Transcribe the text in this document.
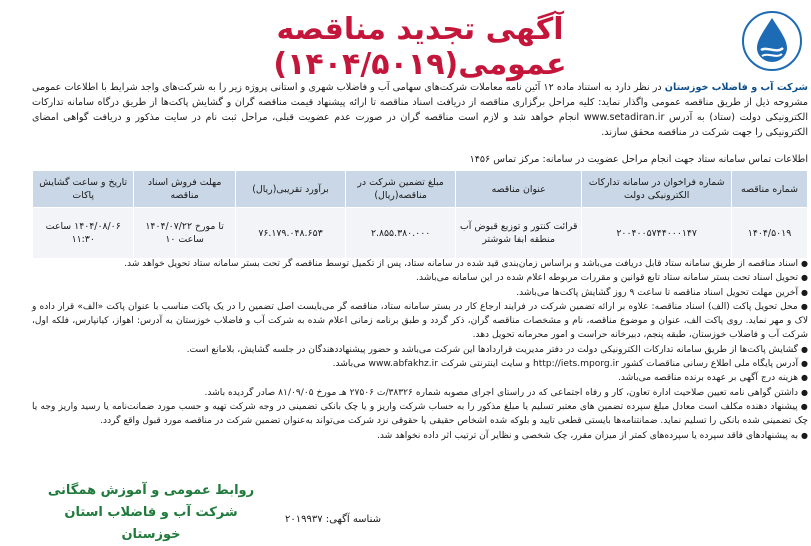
آگهی تجدید مناقصه عمومی(۱۴۰۴/۵۰۱۹)
شرکت آب و فاضلاب خوزستان در نظر دارد به استناد ماده ۱۲ آئین نامه معاملات شرکت‌های سهامی آب و فاضلاب شهری و استانی پروژه زیر را به شرکت‌های واجد شرایط با اطلاعات عمومی مشروحه ذیل از طریق مناقصه عمومی واگذار نماید: کلیه مراحل برگزاری مناقصه از دریافت اسناد مناقصه تا ارائه پیشنهاد قیمت مناقصه گران و گشایش پاکت‌ها از طریق درگاه سامانه تدارکات الکترونیکی دولت (ستاد) به آدرس www.setadiran.ir انجام خواهد شد و لازم است مناقصه گران در صورت عدم عضویت قبلی، مراحل ثبت نام در سایت مذکور و دریافت گواهی امضای الکترونیکی را جهت شرکت در مناقصه محقق سازند.
اطلاعات تماس سامانه ستاد جهت انجام مراحل عضویت در سامانه: مرکز تماس ۱۴۵۶
شماره مناقصه	شماره فراخوان در سامانه تدارکات الکترونیکی دولت	عنوان مناقصه	مبلغ تضمین شرکت در مناقصه(ریال)	برآورد تقریبی(ریال)	مهلت فروش اسناد مناقصه	تاریخ و ساعت گشایش پاکات
۱۴۰۴/۵۰۱۹	۲۰۰۴۰۰۵۷۴۴۰۰۰۱۴۷	قرائت کنتور و توزیع قبوض آب منطقه ابفا شوشتر	۲.۸۵۵.۳۸۰.۰۰۰	۷۶.۱۷۹.۰۴۸.۶۵۳	تا مورخ ۱۴۰۴/۰۷/۲۲ ساعت ۱۰	۱۴۰۴/۰۸/۰۶ ساعت ۱۱:۳۰

●اسناد مناقصه از طریق سامانه ستاد قابل دریافت می‌باشد و براساس زمان‌بندی قید شده در سامانه ستاد، پس از تکمیل توسط مناقصه گر تحت بستر سامانه ستاد تحویل خواهد شد.

●تحویل اسناد تحت بستر سامانه ستاد تابع قوانین و مقررات مربوطه اعلام شده در این سامانه می‌باشد.

●آخرین مهلت تحویل اسناد مناقصه تا ساعت ۹ روز گشایش پاکت‌ها می‌باشد.

●محل تحویل پاکت (الف) اسناد مناقصه: علاوه بر ارائه تضمین شرکت در فرایند ارجاع کار در بستر سامانه ستاد، مناقصه گر می‌بایست اصل تضمین را در یک پاکت مناسب با عنوان پاکت «الف» قرار داده و لاک و مهر نماید. روی پاکت الف، عنوان و موضوع مناقصه، نام و مشخصات مناقصه گران، ذکر گردد و طبق برنامه زمانی اعلام شده به شرکت آب و فاضلاب خوزستان به آدرس: اهواز، کیانپارس، فلکه اول، شرکت آب و فاضلاب خوزستان، طبقه پنجم، دبیرخانه حراست و امور محرمانه تحویل دهد.

●گشایش پاکت‌ها از طریق سامانه تدارکات الکترونیکی دولت در دفتر مدیریت قراردادها این شرکت می‌باشد و حضور پیشنهاددهندگان در جلسه گشایش، بلامانع است.

●آدرس پایگاه ملی اطلاع رسانی مناقصات کشور http://iets.mporg.ir و سایت اینترنتی شرکت www.abfakhz.ir می‌باشد.

●هزینه درج آگهی بر عهده برنده مناقصه می‌باشد.

●داشتن گواهی نامه تعیین صلاحیت اداره تعاون، کار و رفاه اجتماعی که در راستای اجرای مصوبه شماره ۳۸۳۲۶/ت ۲۷۵۰۶ هـ مورخ ۸۱/۰۹/۰۵ صادر گردیده باشد.

●پیشنهاد دهنده مکلف است معادل مبلغ سپرده تضمین های معتبر تسلیم یا مبلغ مذکور را به حساب شرکت واریز و یا چک بانکی تضمینی در وجه شرکت تهیه و حسب مورد ضمانت‌نامه یا رسید واریز وجه یا چک تضمینی شده بانکی را تسلیم نماید. ضمانتنامه‌ها بایستی قطعی تایید و بلوکه شده اشخاص حقیقی یا حقوقی نزد شرکت می‌تواند به‌عنوان تضمین شرکت در مناقصه مورد قبول واقع گردد.

●به پیشنهادهای فاقد سپرده یا سپرده‌های کمتر از میزان مقرر، چک شخصی و نظایر آن ترتیب اثر داده نخواهد شد.

روابط عمومی و آموزش همگانی
شرکت آب و فاضلاب استان خوزستان
شناسه آگهی: ۲۰۱۹۹۳۷
